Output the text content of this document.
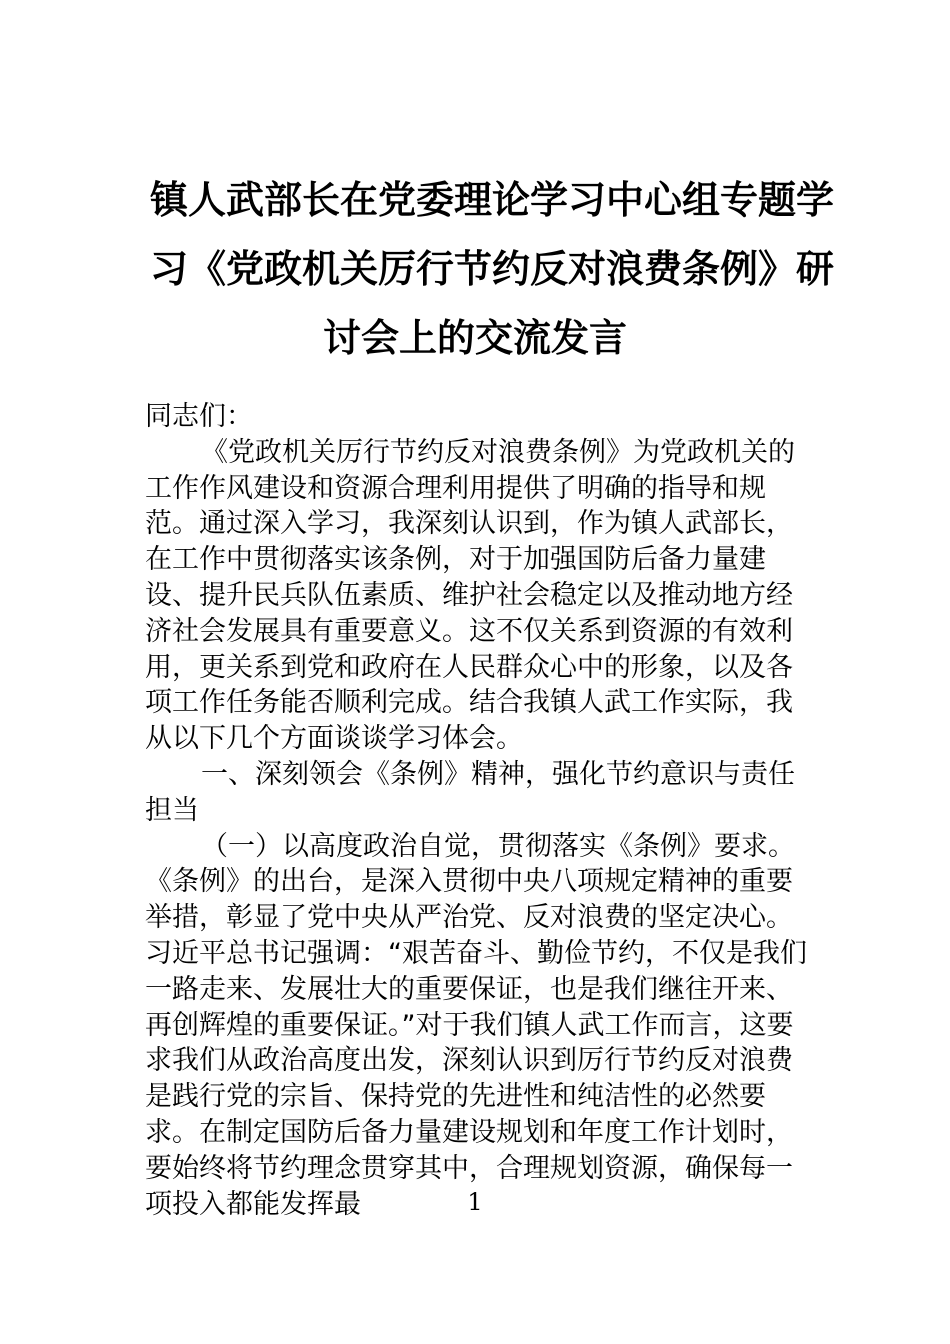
镇人武部长在党委理论学习中心组专题学
习《党政机关厉行节约反对浪费条例》研
讨会上的交流发言

同志们：

《党政机关厉行节约反对浪费条例》为党政机关的工作作风建设和资源合理利用提供了明确的指导和规范。通过深入学习，我深刻认识到，作为镇人武部长，在工作中贯彻落实该条例，对于加强国防后备力量建设、提升民兵队伍素质、维护社会稳定以及推动地方经济社会发展具有重要意义。这不仅关系到资源的有效利用，更关系到党和政府在人民群众心中的形象，以及各项工作任务能否顺利完成。结合我镇人武工作实际，我从以下几个方面谈谈学习体会。

一、深刻领会《条例》精神，强化节约意识与责任担当

（一）以高度政治自觉，贯彻落实《条例》要求。《条例》的出台，是深入贯彻中央八项规定精神的重要举措，彰显了党中央从严治党、反对浪费的坚定决心。习近平总书记强调：“艰苦奋斗、勤俭节约，不仅是我们一路走来、发展壮大的重要保证，也是我们继往开来、再创辉煌的重要保证。”对于我们镇人武工作而言，这要求我们从政治高度出发，深刻认识到厉行节约反对浪费是践行党的宗旨、保持党的先进性和纯洁性的必然要求。在制定国防后备力量建设规划和年度工作计划时，要始终将节约理念贯穿其中，合理规划资源，确保每一项投入都能发挥最	1
